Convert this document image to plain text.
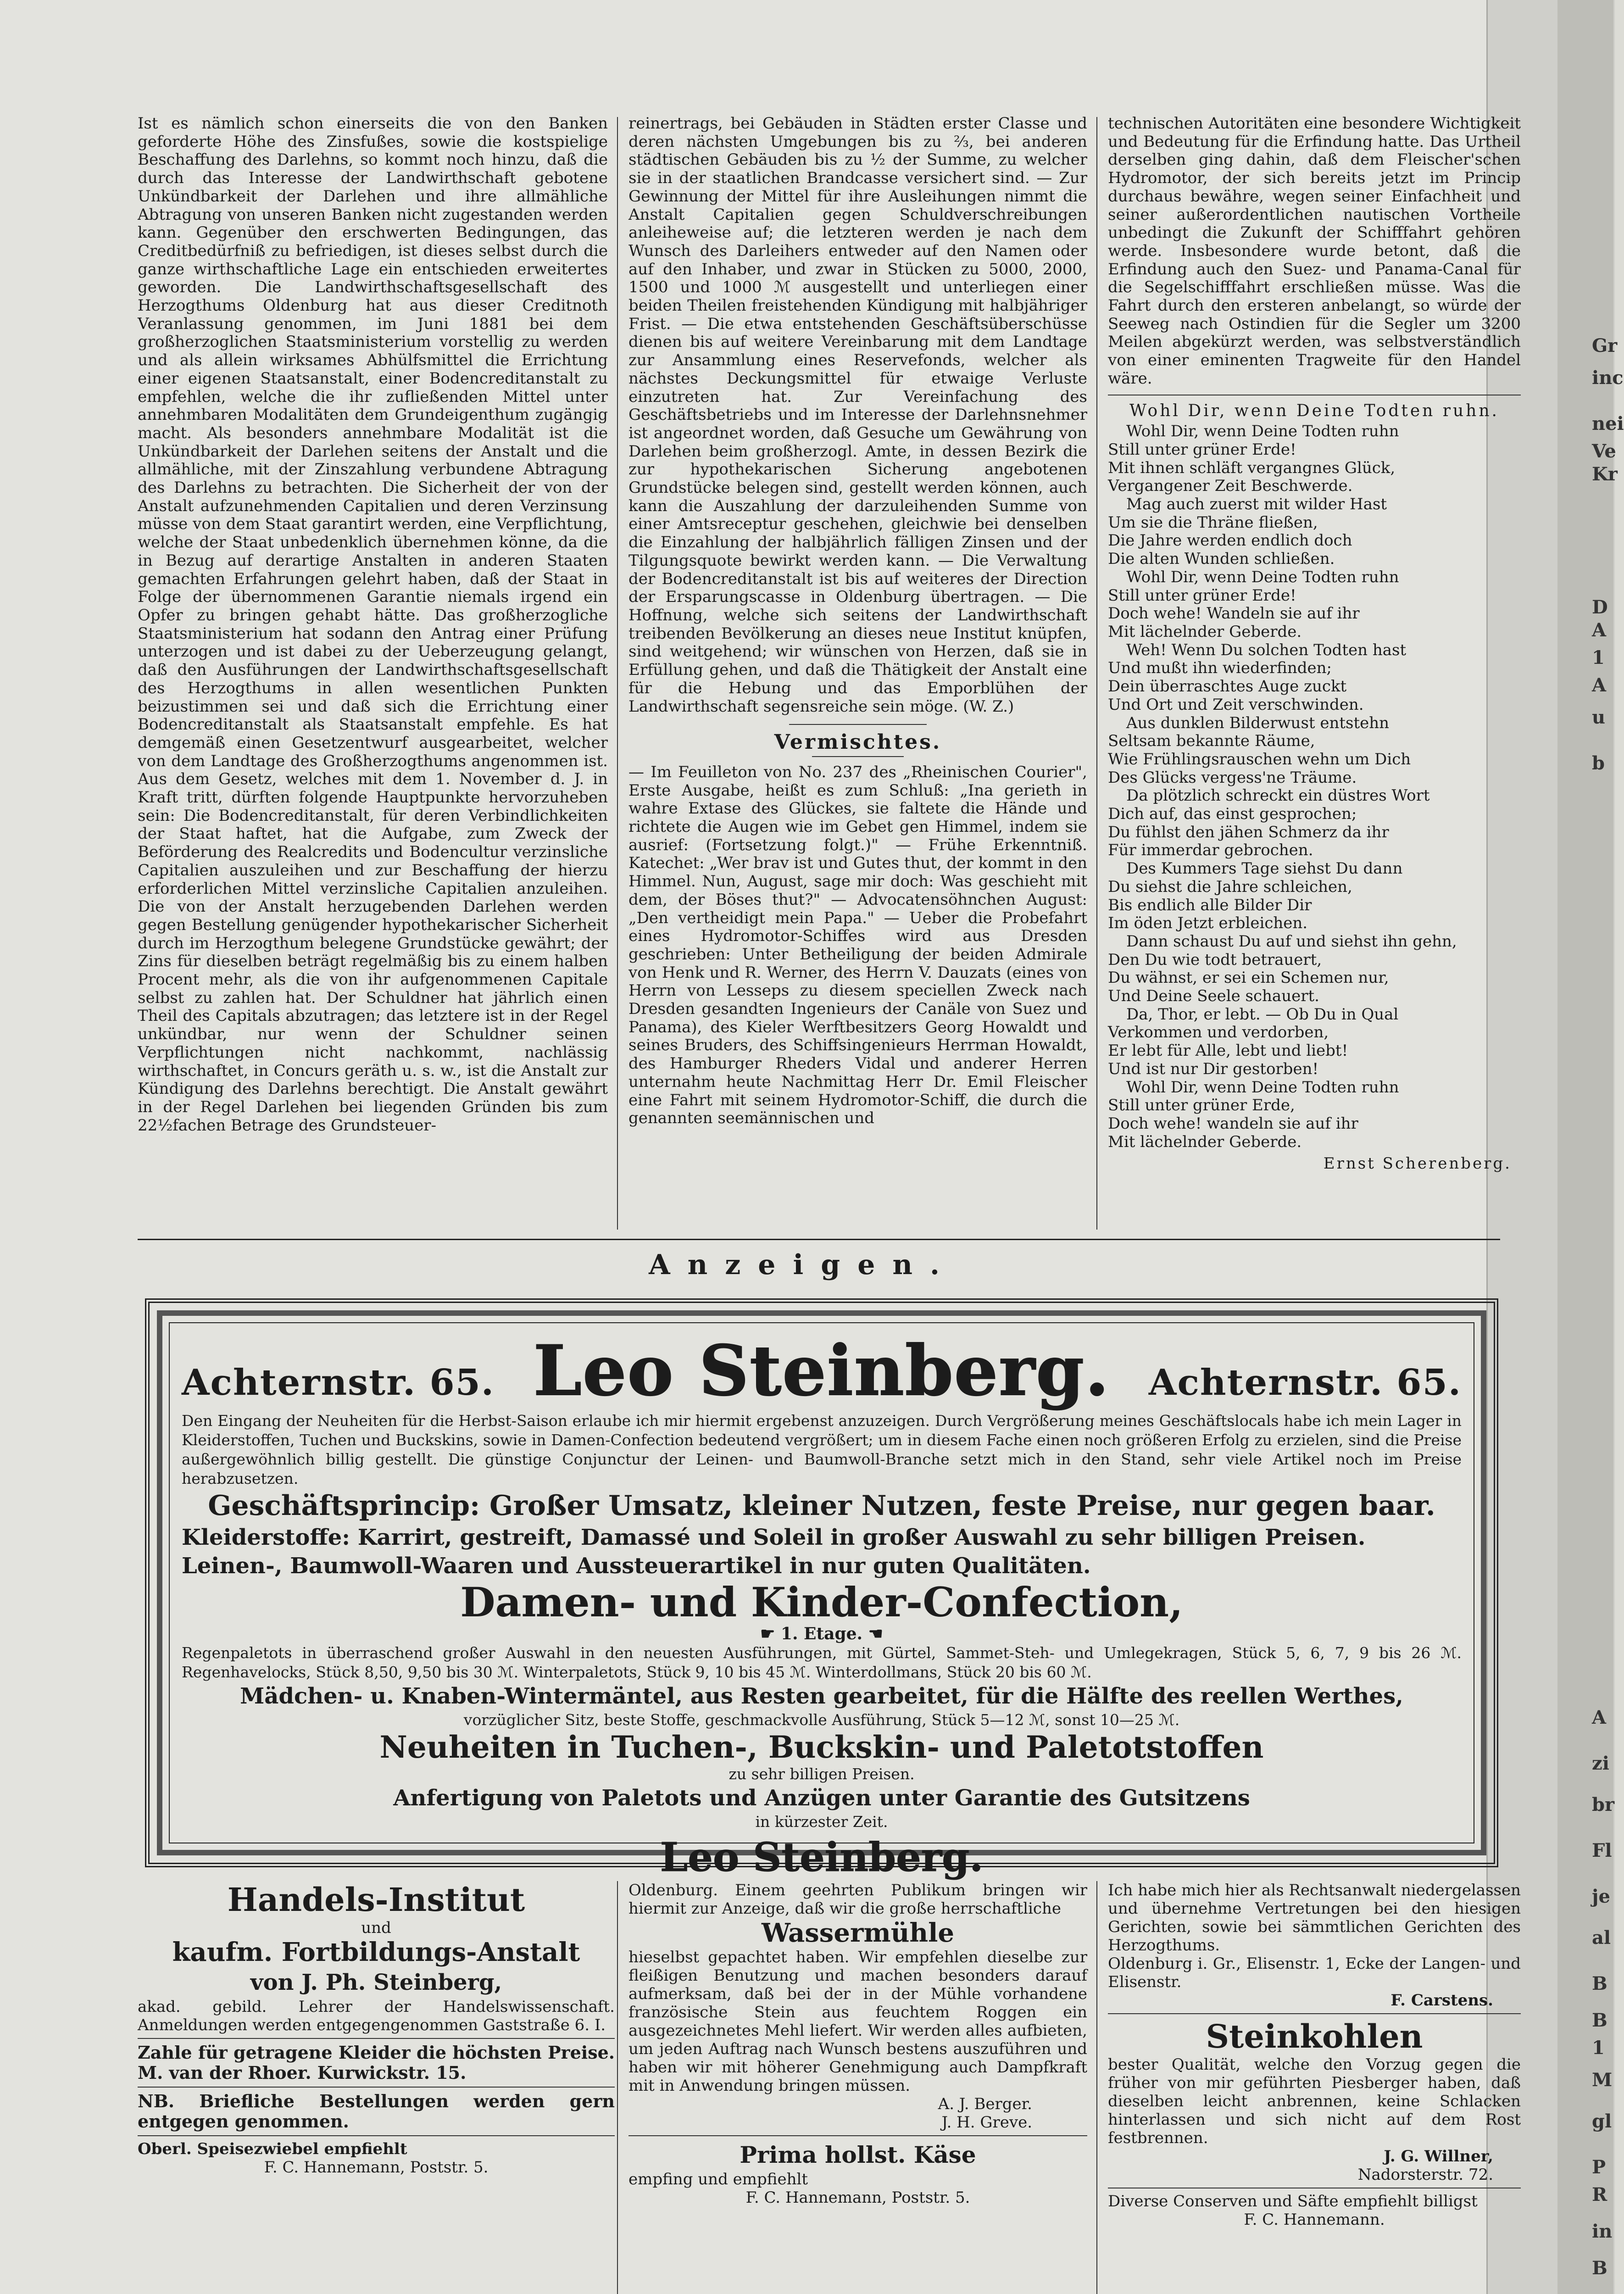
Ist es nämlich schon einerseits die von den Banken geforderte Höhe des Zinsfußes, sowie die kostspielige Beschaffung des Darlehns, so kommt noch hinzu, daß die durch das Interesse der Landwirthschaft gebotene Unkündbarkeit der Darlehen und ihre allmähliche Abtragung von unseren Banken nicht zugestanden werden kann. Gegenüber den erschwerten Bedingungen, das Creditbedürfniß zu befriedigen, ist dieses selbst durch die ganze wirthschaftliche Lage ein entschieden erweitertes geworden. Die Landwirthschaftsgesellschaft des Herzogthums Oldenburg hat aus dieser Creditnoth Veranlassung genommen, im Juni 1881 bei dem großherzoglichen Staatsministerium vorstellig zu werden und als allein wirksames Abhülfsmittel die Errichtung einer eigenen Staatsanstalt, einer Bodencreditanstalt zu empfehlen, welche die ihr zufließenden Mittel unter annehmbaren Modalitäten dem Grundeigenthum zugängig macht. Als besonders annehmbare Modalität ist die Unkündbarkeit der Darlehen seitens der Anstalt und die allmähliche, mit der Zinszahlung verbundene Abtragung des Darlehns zu betrachten. Die Sicherheit der von der Anstalt aufzunehmenden Capitalien und deren Verzinsung müsse von dem Staat garantirt werden, eine Verpflichtung, welche der Staat unbedenklich übernehmen könne, da die in Bezug auf derartige Anstalten in anderen Staaten gemachten Erfahrungen gelehrt haben, daß der Staat in Folge der übernommenen Garantie niemals irgend ein Opfer zu bringen gehabt hätte. Das großherzogliche Staatsministerium hat sodann den Antrag einer Prüfung unterzogen und ist dabei zu der Ueberzeugung gelangt, daß den Ausführungen der Landwirthschaftsgesellschaft des Herzogthums in allen wesentlichen Punkten beizustimmen sei und daß sich die Errichtung einer Bodencreditanstalt als Staatsanstalt empfehle. Es hat demgemäß einen Gesetzentwurf ausgearbeitet, welcher von dem Landtage des Großherzogthums angenommen ist. Aus dem Gesetz, welches mit dem 1. November d. J. in Kraft tritt, dürften folgende Hauptpunkte hervorzuheben sein: Die Bodencreditanstalt, für deren Verbindlichkeiten der Staat haftet, hat die Aufgabe, zum Zweck der Beförderung des Realcredits und Bodencultur verzinsliche Capitalien auszuleihen und zur Beschaffung der hierzu erforderlichen Mittel verzinsliche Capitalien anzuleihen. Die von der Anstalt herzugebenden Darlehen werden gegen Bestellung genügender hypothekarischer Sicherheit durch im Herzogthum belegene Grundstücke gewährt; der Zins für dieselben beträgt regelmäßig bis zu einem halben Procent mehr, als die von ihr aufgenommenen Capitale selbst zu zahlen hat. Der Schuldner hat jährlich einen Theil des Capitals abzutragen; das letztere ist in der Regel unkündbar, nur wenn der Schuldner seinen Verpflichtungen nicht nachkommt, nachlässig wirthschaftet, in Concurs geräth u. s. w., ist die Anstalt zur Kündigung des Darlehns berechtigt. Die Anstalt gewährt in der Regel Darlehen bei liegenden Gründen bis zum 22½fachen Betrage des Grundsteuer-

reinertrags, bei Gebäuden in Städten erster Classe und deren nächsten Umgebungen bis zu ⅔, bei anderen städtischen Gebäuden bis zu ½ der Summe, zu welcher sie in der staatlichen Brandcasse versichert sind. — Zur Gewinnung der Mittel für ihre Ausleihungen nimmt die Anstalt Capitalien gegen Schuldverschreibungen anleiheweise auf; die letzteren werden je nach dem Wunsch des Darleihers entweder auf den Namen oder auf den Inhaber, und zwar in Stücken zu 5000, 2000, 1500 und 1000 ℳ ausgestellt und unterliegen einer beiden Theilen freistehenden Kündigung mit halbjähriger Frist. — Die etwa entstehenden Geschäftsüberschüsse dienen bis auf weitere Vereinbarung mit dem Landtage zur Ansammlung eines Reservefonds, welcher als nächstes Deckungsmittel für etwaige Verluste einzutreten hat. Zur Vereinfachung des Geschäftsbetriebs und im Interesse der Darlehnsnehmer ist angeordnet worden, daß Gesuche um Gewährung von Darlehen beim großherzogl. Amte, in dessen Bezirk die zur hypothekarischen Sicherung angebotenen Grundstücke belegen sind, gestellt werden können, auch kann die Auszahlung der darzuleihenden Summe von einer Amtsreceptur geschehen, gleichwie bei denselben die Einzahlung der halbjährlich fälligen Zinsen und der Tilgungsquote bewirkt werden kann. — Die Verwaltung der Bodencreditanstalt ist bis auf weiteres der Direction der Ersparungscasse in Oldenburg übertragen. — Die Hoffnung, welche sich seitens der Landwirthschaft treibenden Bevölkerung an dieses neue Institut knüpfen, sind weitgehend; wir wünschen von Herzen, daß sie in Erfüllung gehen, und daß die Thätigkeit der Anstalt eine für die Hebung und das Emporblühen der Landwirthschaft segensreiche sein möge. (W. Z.)

Vermischtes.

— Im Feuilleton von No. 237 des „Rheinischen Courier", Erste Ausgabe, heißt es zum Schluß: „Ina gerieth in wahre Extase des Glückes, sie faltete die Hände und richtete die Augen wie im Gebet gen Himmel, indem sie ausrief: (Fortsetzung folgt.)" — Frühe Erkenntniß. Katechet: „Wer brav ist und Gutes thut, der kommt in den Himmel. Nun, August, sage mir doch: Was geschieht mit dem, der Böses thut?" — Advocatensöhnchen August: „Den vertheidigt mein Papa." — Ueber die Probefahrt eines Hydromotor-Schiffes wird aus Dresden geschrieben: Unter Betheiligung der beiden Admirale von Henk und R. Werner, des Herrn V. Dauzats (eines von Herrn von Lesseps zu diesem speciellen Zweck nach Dresden gesandten Ingenieurs der Canäle von Suez und Panama), des Kieler Werftbesitzers Georg Howaldt und seines Bruders, des Schiffsingenieurs Herrman Howaldt, des Hamburger Rheders Vidal und anderer Herren unternahm heute Nachmittag Herr Dr. Emil Fleischer eine Fahrt mit seinem Hydromotor-Schiff, die durch die genannten seemännischen und

technischen Autoritäten eine besondere Wichtigkeit und Bedeutung für die Erfindung hatte. Das Urtheil derselben ging dahin, daß dem Fleischer'schen Hydromotor, der sich bereits jetzt im Princip durchaus bewähre, wegen seiner Einfachheit und seiner außerordentlichen nautischen Vortheile unbedingt die Zukunft der Schifffahrt gehören werde. Insbesondere wurde betont, daß die Erfindung auch den Suez- und Panama-Canal für die Segelschifffahrt erschließen müsse. Was die Fahrt durch den ersteren anbelangt, so würde der Seeweg nach Ostindien für die Segler um 3200 Meilen abgekürzt werden, was selbstverständlich von einer eminenten Tragweite für den Handel wäre.

Wohl Dir, wenn Deine Todten ruhn.
Wohl Dir, wenn Deine Todten ruhn
Still unter grüner Erde!
Mit ihnen schläft vergangnes Glück,
Vergangener Zeit Beschwerde.
Mag auch zuerst mit wilder Hast
Um sie die Thräne fließen,
Die Jahre werden endlich doch
Die alten Wunden schließen.
Wohl Dir, wenn Deine Todten ruhn
Still unter grüner Erde!
Doch wehe! Wandeln sie auf ihr
Mit lächelnder Geberde.
Weh! Wenn Du solchen Todten hast
Und mußt ihn wiederfinden;
Dein überraschtes Auge zuckt
Und Ort und Zeit verschwinden.
Aus dunklen Bilderwust entstehn
Seltsam bekannte Räume,
Wie Frühlingsrauschen wehn um Dich
Des Glücks vergess'ne Träume.
Da plötzlich schreckt ein düstres Wort
Dich auf, das einst gesprochen;
Du fühlst den jähen Schmerz da ihr
Für immerdar gebrochen.
Des Kummers Tage siehst Du dann
Du siehst die Jahre schleichen,
Bis endlich alle Bilder Dir
Im öden Jetzt erbleichen.
Dann schaust Du auf und siehst ihn gehn,
Den Du wie todt betrauert,
Du wähnst, er sei ein Schemen nur,
Und Deine Seele schauert.
Da, Thor, er lebt. — Ob Du in Qual
Verkommen und verdorben,
Er lebt für Alle, lebt und liebt!
Und ist nur Dir gestorben!
Wohl Dir, wenn Deine Todten ruhn
Still unter grüner Erde,
Doch wehe! wandeln sie auf ihr
Mit lächelnder Geberde.
Ernst Scherenberg.
Anzeigen.
Achternstr. 65. Leo Steinberg. Achternstr. 65.
Den Eingang der Neuheiten für die Herbst-Saison erlaube ich mir hiermit ergebenst anzuzeigen. Durch Vergrößerung meines Geschäftslocals habe ich mein Lager in Kleiderstoffen, Tuchen und Buckskins, sowie in Damen-Confection bedeutend vergrößert; um in diesem Fache einen noch größeren Erfolg zu erzielen, sind die Preise außergewöhnlich billig gestellt. Die günstige Conjunctur der Leinen- und Baumwoll-Branche setzt mich in den Stand, sehr viele Artikel noch im Preise herabzusetzen.
Geschäftsprincip: Großer Umsatz, kleiner Nutzen, feste Preise, nur gegen baar.
Kleiderstoffe: Karrirt, gestreift, Damassé und Soleil in großer Auswahl zu sehr billigen Preisen.
Leinen-, Baumwoll-Waaren und Aussteuerartikel in nur guten Qualitäten.
Damen- und Kinder-Confection,
☛ 1. Etage. ☚
Regenpaletots in überraschend großer Auswahl in den neuesten Ausführungen, mit Gürtel, Sammet-Steh- und Umlegekragen, Stück 5, 6, 7, 9 bis 26 ℳ. Regenhavelocks, Stück 8,50, 9,50 bis 30 ℳ. Winterpaletots, Stück 9, 10 bis 45 ℳ. Winterdollmans, Stück 20 bis 60 ℳ.
Mädchen- u. Knaben-Wintermäntel, aus Resten gearbeitet, für die Hälfte des reellen Werthes,
vorzüglicher Sitz, beste Stoffe, geschmackvolle Ausführung, Stück 5—12 ℳ, sonst 10—25 ℳ.
Neuheiten in Tuchen-, Buckskin- und Paletotstoffen
zu sehr billigen Preisen.
Anfertigung von Paletots und Anzügen unter Garantie des Gutsitzens
in kürzester Zeit.
Leo Steinberg.
Handels-Institut
und
kaufm. Fortbildungs-Anstalt
von J. Ph. Steinberg,
akad. gebild. Lehrer der Handelswissenschaft. Anmeldungen werden entgegengenommen Gaststraße 6. I.
Zahle für getragene Kleider die höchsten Preise. M. van der Rhoer. Kurwickstr. 15.
NB. Briefliche Bestellungen werden gern entgegen genommen.
Oberl. Speisezwiebel empfiehlt
F. C. Hannemann, Poststr. 5.
Oldenburg. Einem geehrten Publikum bringen wir hiermit zur Anzeige, daß wir die große herrschaftliche
Wassermühle
hieselbst gepachtet haben. Wir empfehlen dieselbe zur fleißigen Benutzung und machen besonders darauf aufmerksam, daß bei der in der Mühle vorhandene französische Stein aus feuchtem Roggen ein ausgezeichnetes Mehl liefert. Wir werden alles aufbieten, um jeden Auftrag nach Wunsch bestens auszuführen und haben wir mit höherer Genehmigung auch Dampfkraft mit in Anwendung bringen müssen.
A. J. Berger.
J. H. Greve.
Prima hollst. Käse
empfing und empfiehlt
F. C. Hannemann, Poststr. 5.
Ich habe mich hier als Rechtsanwalt niedergelassen und übernehme Vertretungen bei den hiesigen Gerichten, sowie bei sämmtlichen Gerichten des Herzogthums.
Oldenburg i. Gr., Elisenstr. 1, Ecke der Langen- und Elisenstr.
F. Carstens.
Steinkohlen
bester Qualität, welche den Vorzug gegen die früher von mir geführten Piesberger haben, daß dieselben leicht anbrennen, keine Schlacken hinterlassen und sich nicht auf dem Rost festbrennen.
J. G. Willner,
Nadorsterstr. 72.
Diverse Conserven und Säfte empfiehlt billigst
F. C. Hannemann.
Gr
inc
nei
Ve
Kr
D
A
1
A
u
b
A
zi
br
Fl
je
al
B
B
1
M
gl
P
R
in
B
